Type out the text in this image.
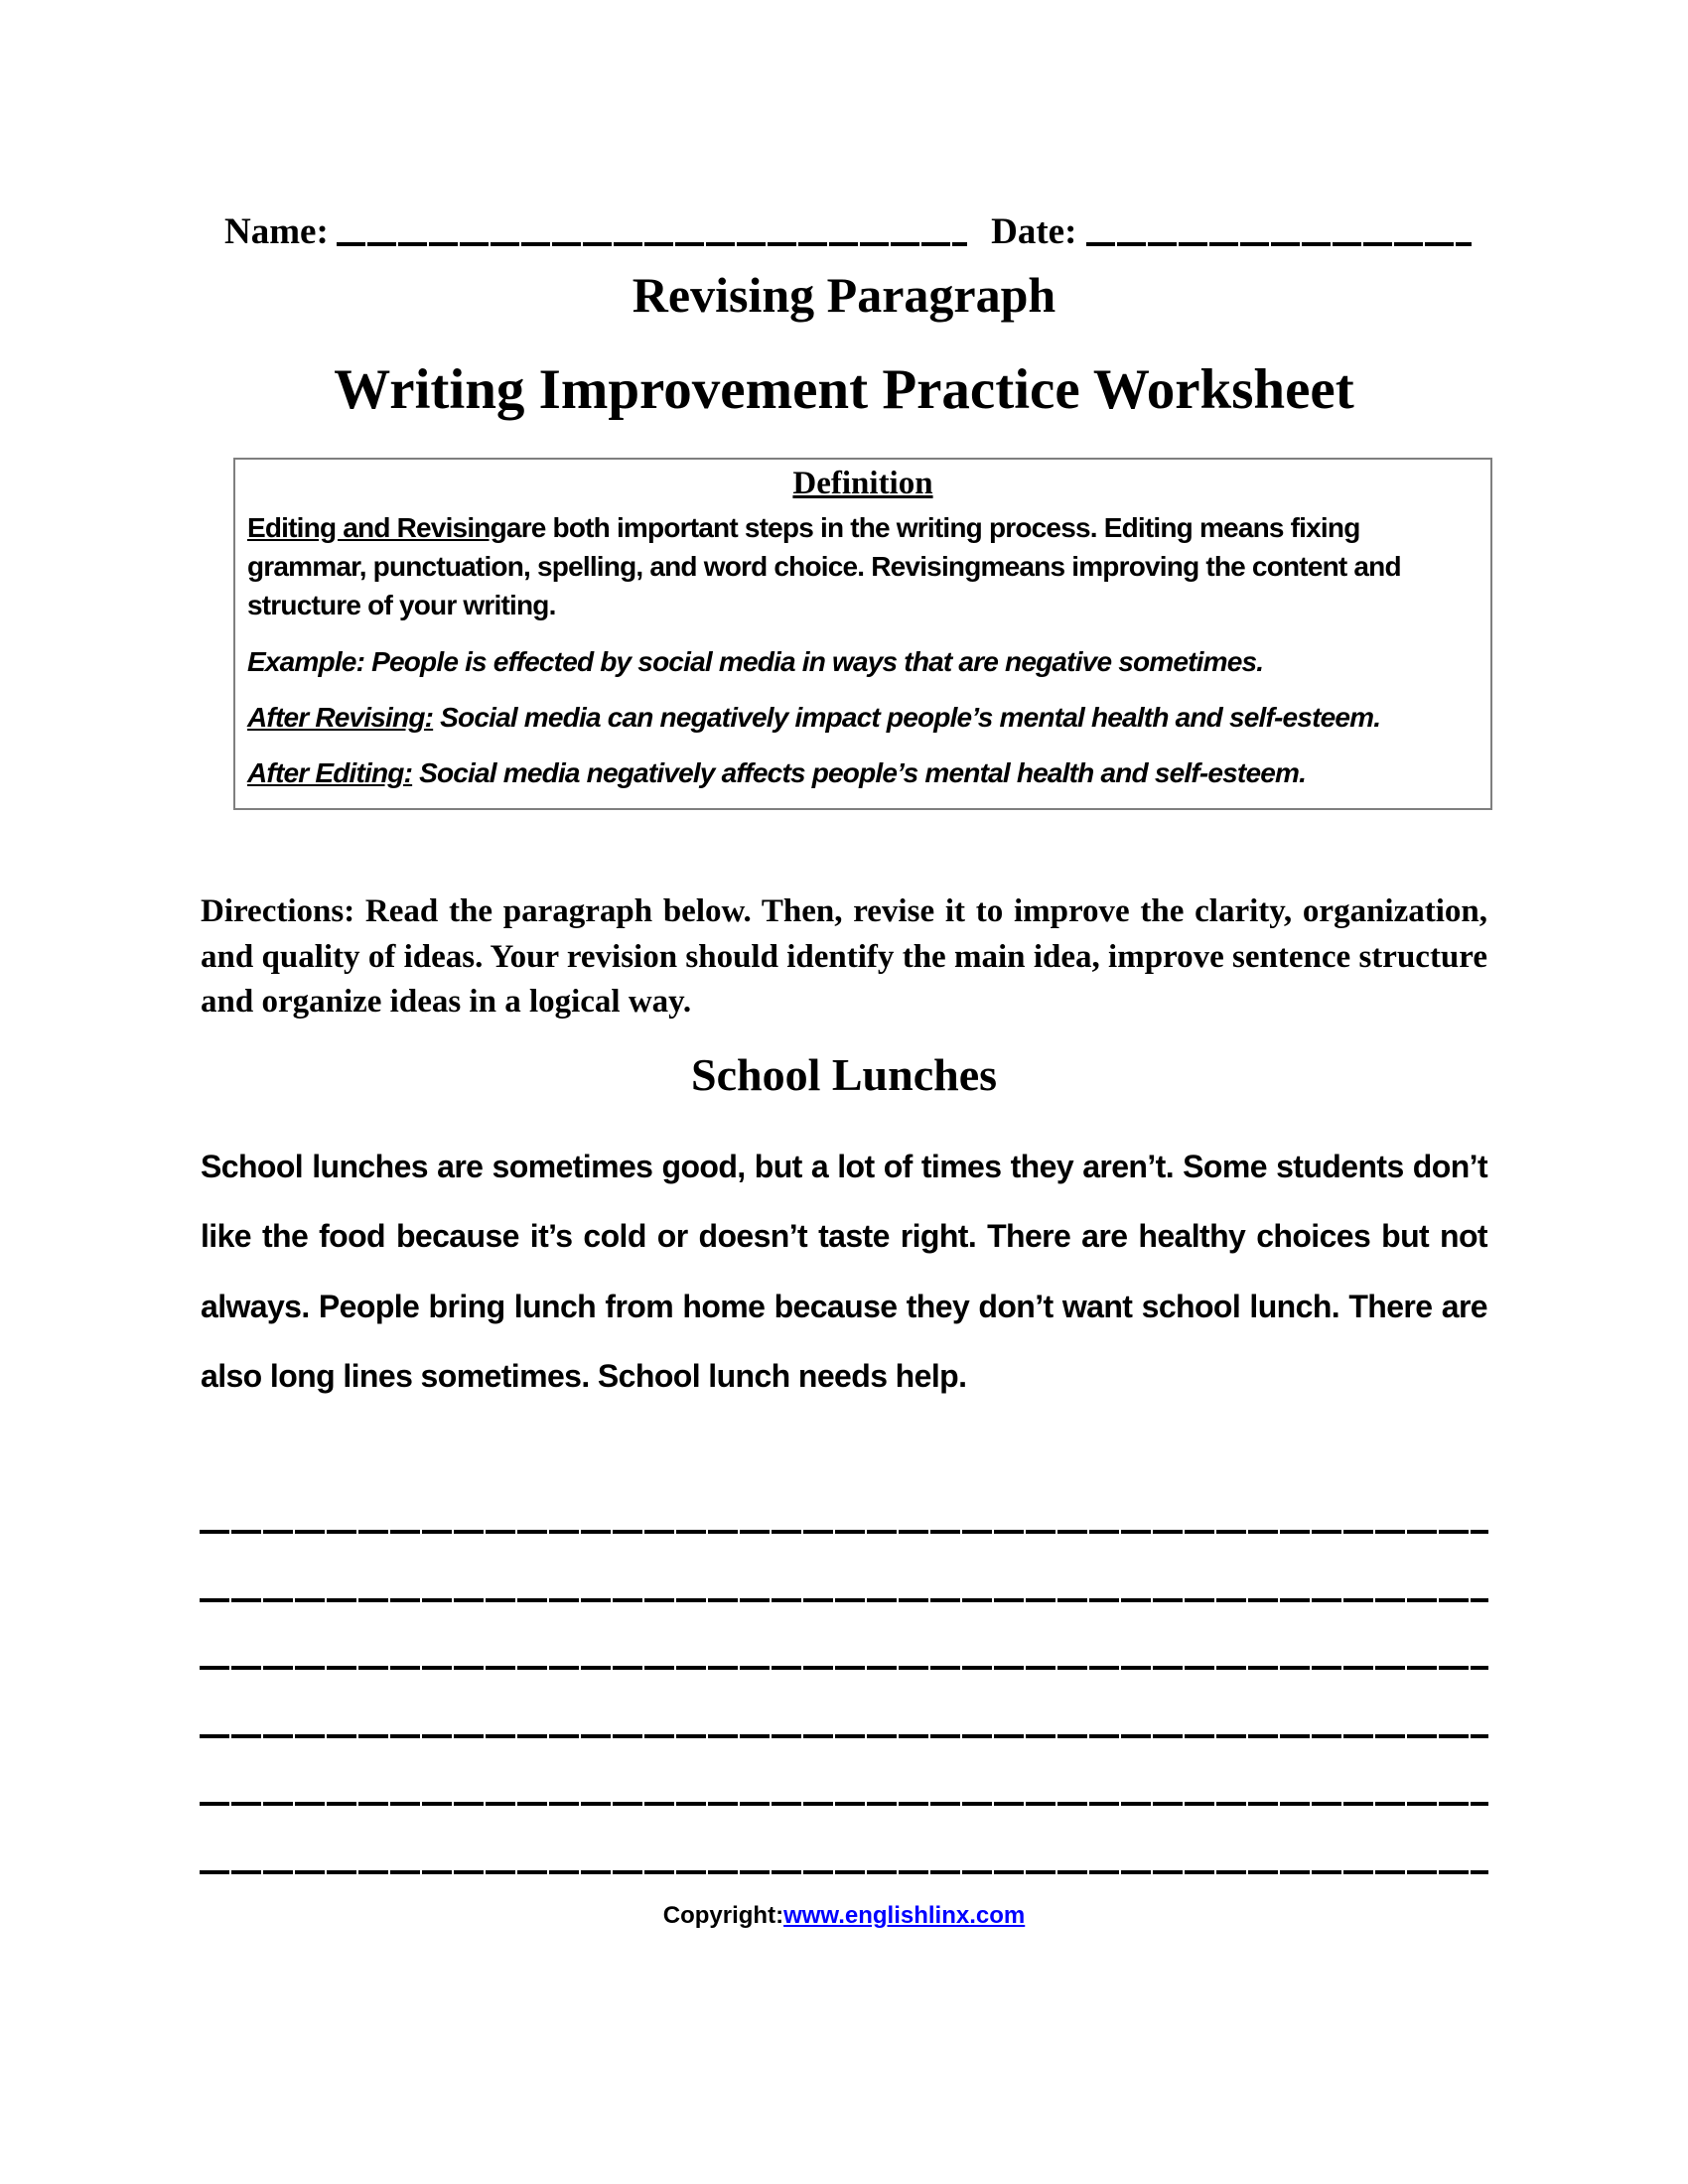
Name:	Date:
Revising Paragraph
Writing Improvement Practice Worksheet
Definition
Editing and Revisingare both important steps in the writing process. Editing means fixing grammar, punctuation, spelling, and word choice. Revisingmeans improving the content and structure of your writing.
Example: People is effected by social media in ways that are negative sometimes.
After Revising: Social media can negatively impact people’s mental health and self-esteem.
After Editing: Social media negatively affects people’s mental health and self-esteem.
Directions: Read the paragraph below. Then, revise it to improve the clarity, organization, and quality of ideas. Your revision should identify the main idea, improve sentence structure and organize ideas in a logical way.
School Lunches
School lunches are sometimes good, but a lot of times they aren’t. Some students don’t like the food because it’s cold or doesn’t taste right. There are healthy choices but not always. People bring lunch from home because they don’t want school lunch. There are also long lines sometimes. School lunch needs help.
Copyright:www.englishlinx.com
